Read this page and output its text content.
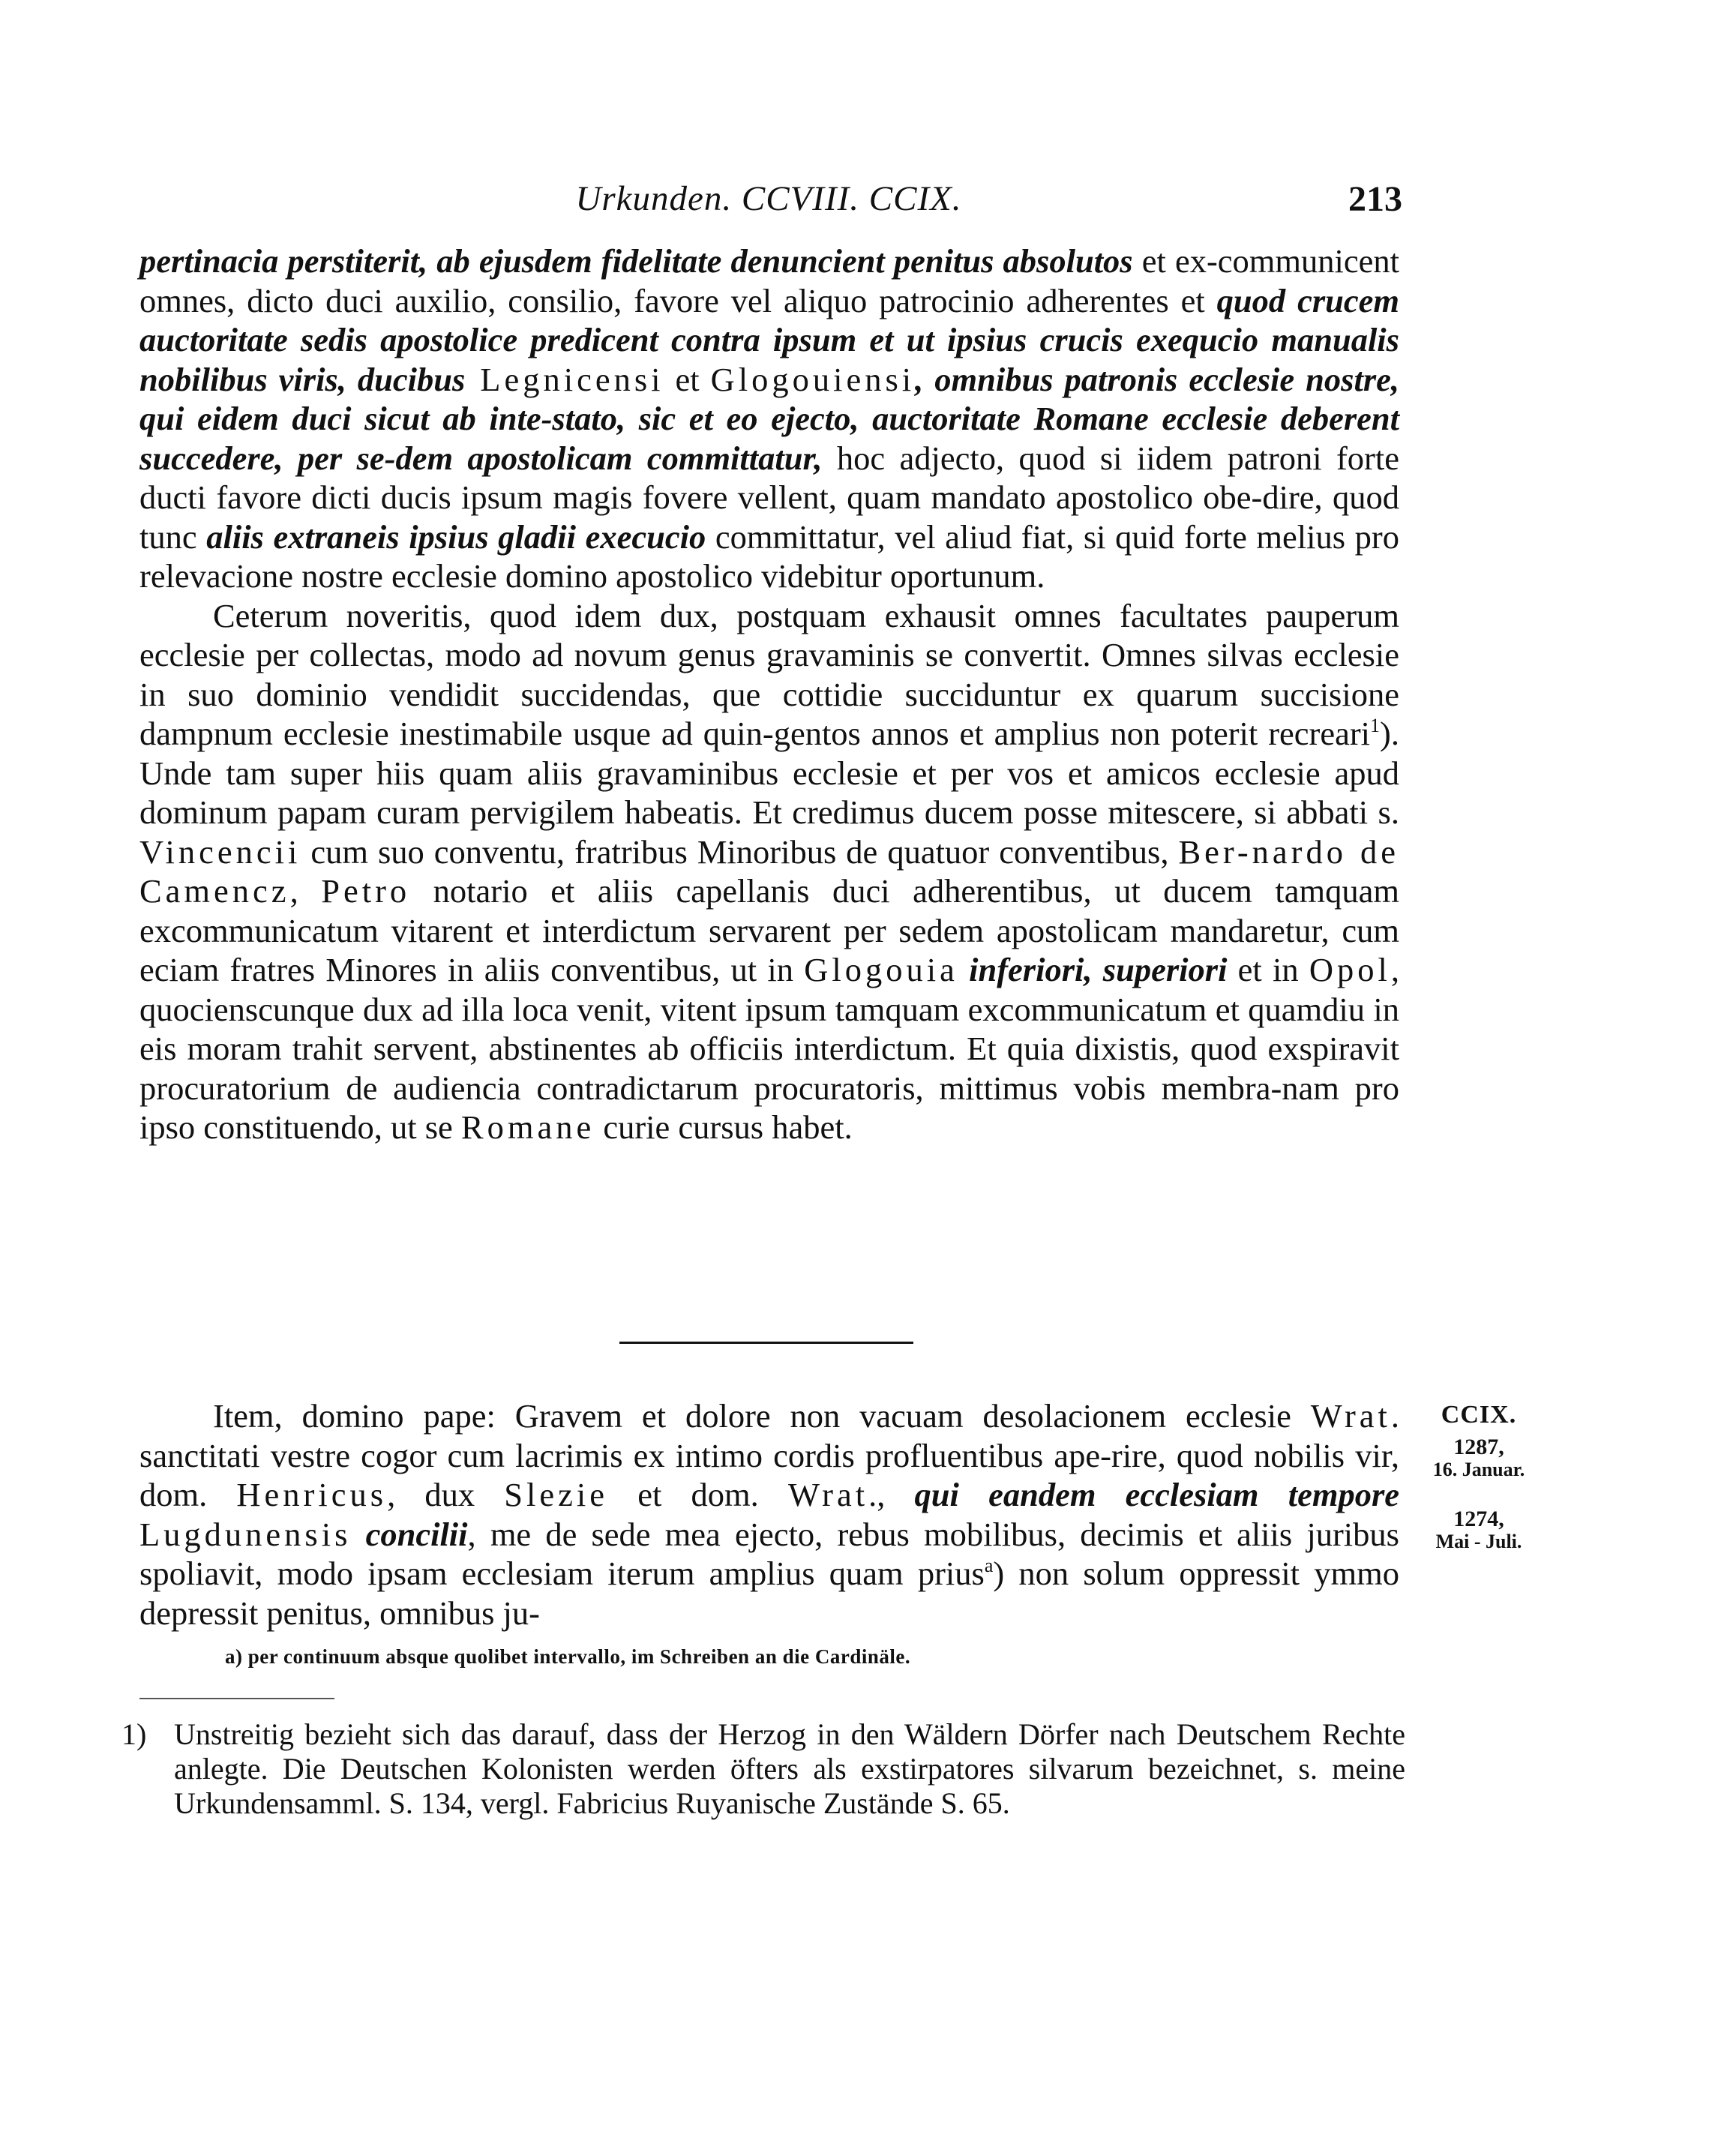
Urkunden. CCVIII. CCIX.	213

pertinacia perstiterit, ab ejusdem fidelitate denuncient penitus absolutos et ex-communicent omnes, dicto duci auxilio, consilio, favore vel aliquo patrocinio adherentes et quod crucem auctoritate sedis apostolice predicent contra ipsum et ut ipsius crucis exequcio manualis nobilibus viris, ducibus Legnicensi et Glogouiensi, omnibus patronis ecclesie nostre, qui eidem duci sicut ab inte-stato, sic et eo ejecto, auctoritate Romane ecclesie deberent succedere, per se-dem apostolicam committatur, hoc adjecto, quod si iidem patroni forte ducti favore dicti ducis ipsum magis fovere vellent, quam mandato apostolico obe-dire, quod tunc aliis extraneis ipsius gladii execucio committatur, vel aliud fiat, si quid forte melius pro relevacione nostre ecclesie domino apostolico videbitur oportunum.

Ceterum noveritis, quod idem dux, postquam exhausit omnes facultates pauperum ecclesie per collectas, modo ad novum genus gravaminis se convertit. Omnes silvas ecclesie in suo dominio vendidit succidendas, que cottidie succiduntur ex quarum succisione dampnum ecclesie inestimabile usque ad quin-gentos annos et amplius non poterit recreari$^1$). Unde tam super hiis quam aliis gravaminibus ecclesie et per vos et amicos ecclesie apud dominum papam curam pervigilem habeatis. Et credimus ducem posse mitescere, si abbati s. Vincencii cum suo conventu, fratribus Minoribus de quatuor conventibus, Ber-nardo de Camencz, Petro notario et aliis capellanis duci adherentibus, ut ducem tamquam excommunicatum vitarent et interdictum servarent per sedem apostolicam mandaretur, cum eciam fratres Minores in aliis conventibus, ut in Glogouia inferiori, superiori et in Opol, quocienscunque dux ad illa loca venit, vitent ipsum tamquam excommunicatum et quamdiu in eis moram trahit servent, abstinentes ab officiis interdictum. Et quia dixistis, quod exspiravit procuratorium de audiencia contradictarum procuratoris, mittimus vobis membra-nam pro ipso constituendo, ut se Romane curie cursus habet.

Item, domino pape: Gravem et dolore non vacuam desolacionem ecclesie Wrat. sanctitati vestre cogor cum lacrimis ex intimo cordis profluentibus ape-rire, quod nobilis vir, dom. Henricus, dux Slezie et dom. Wrat., qui eandem ecclesiam tempore Lugdunensis concilii, me de sede mea ejecto, rebus mobilibus, decimis et aliis juribus spoliavit, modo ipsam ecclesiam iterum amplius quam prius$^a$) non solum oppressit ymmo depressit penitus, omnibus ju-

CCIX.
1287,
16. Januar.
1274,
Mai - Juli.
a) per continuum absque quolibet intervallo, im Schreiben an die Cardinäle.
1) Unstreitig bezieht sich das darauf, dass der Herzog in den Wäldern Dörfer nach Deutschem Rechte anlegte. Die Deutschen Kolonisten werden öfters als exstirpatores silvarum bezeichnet, s. meine Urkundensamml. S. 134, vergl. Fabricius Ruyanische Zustände S. 65.
